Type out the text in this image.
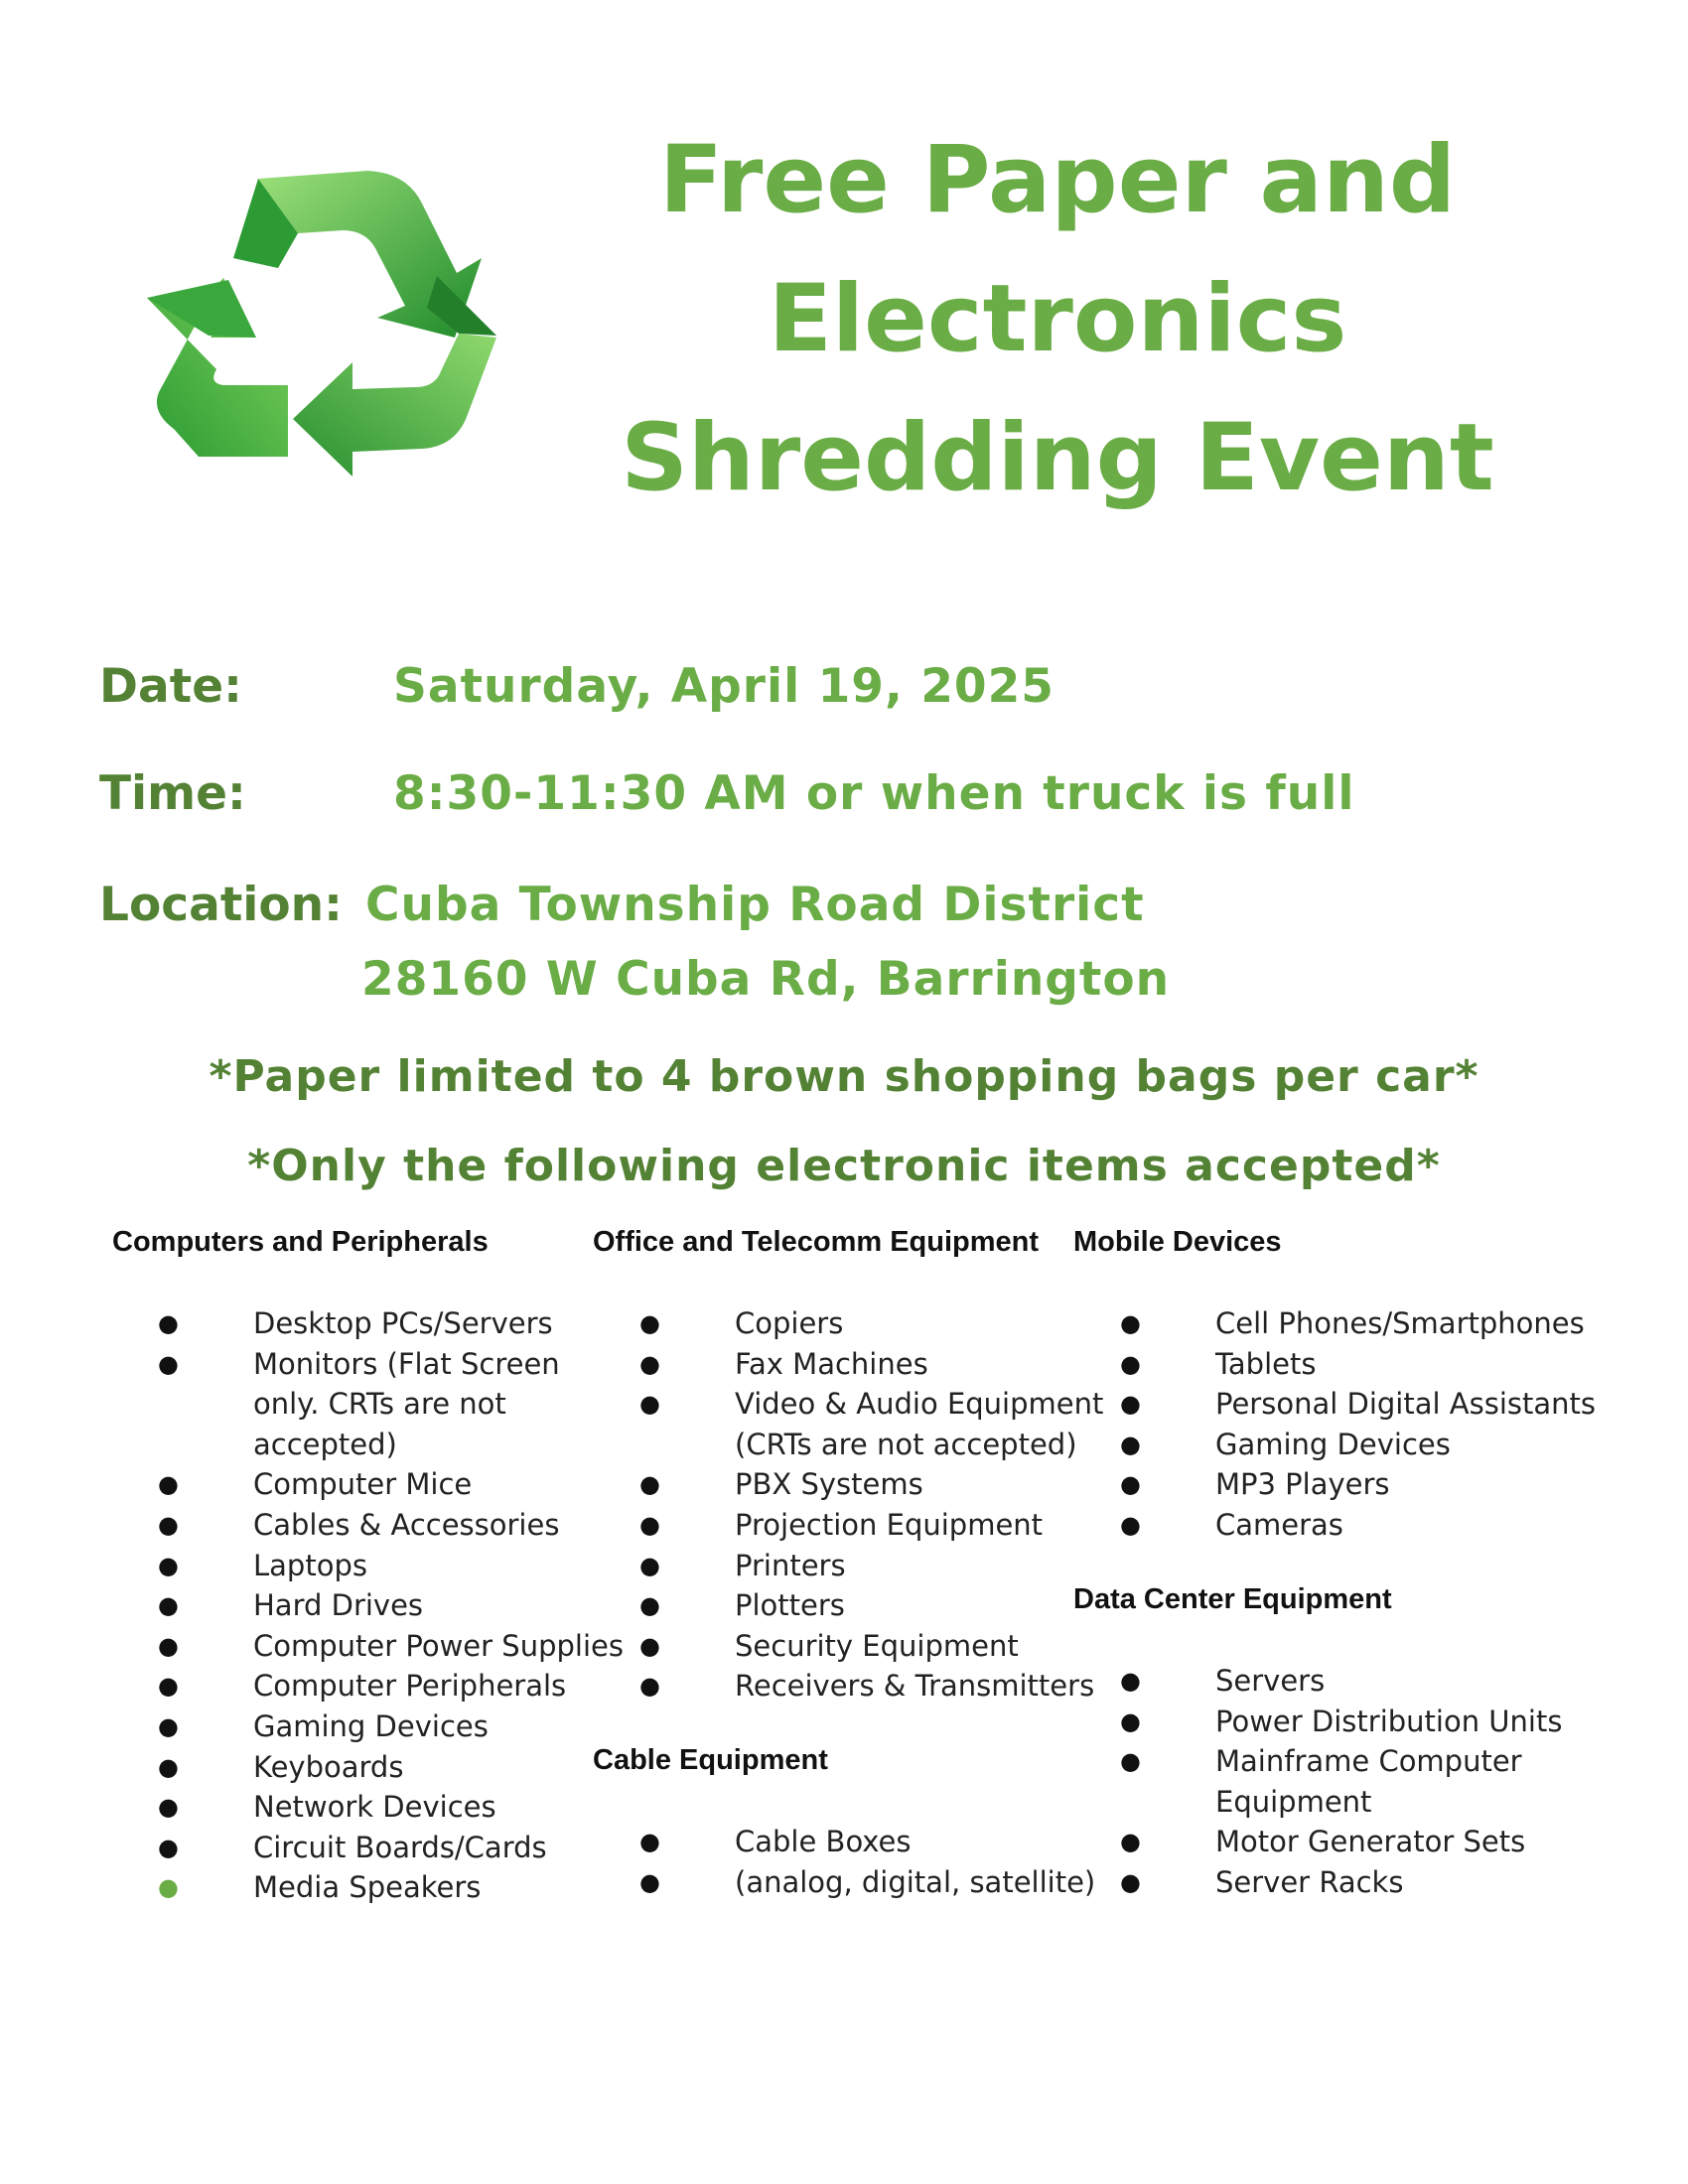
Free Paper and
Electronics
Shredding Event
Date:	Saturday, April 19, 2025
Time:	8:30-11:30 AM or when truck is full
Location: Cuba Township Road District
28160 W Cuba Rd, Barrington
*Paper limited to 4 brown shopping bags per car*
*Only the following electronic items accepted*
Computers and Peripherals
●	Desktop PCs/Servers
●	Monitors (Flat Screen
only. CRTs are not
accepted)
●	Computer Mice
●	Cables & Accessories
●	Laptops
●	Hard Drives
●	Computer Power Supplies
●	Computer Peripherals
●	Gaming Devices
●	Keyboards
●	Network Devices
●	Circuit Boards/Cards
●	Media Speakers
Office and Telecomm Equipment
●	Copiers
●	Fax Machines
●	Video & Audio Equipment
(CRTs are not accepted)
●	PBX Systems
●	Projection Equipment
●	Printers
●	Plotters
●	Security Equipment
●	Receivers & Transmitters
Cable Equipment
●	Cable Boxes
●	(analog, digital, satellite)
Mobile Devices
●	Cell Phones/Smartphones
●	Tablets
●	Personal Digital Assistants
●	Gaming Devices
●	MP3 Players
●	Cameras
Data Center Equipment
●	Servers
●	Power Distribution Units
●	Mainframe Computer
Equipment
●	Motor Generator Sets
●	Server Racks
